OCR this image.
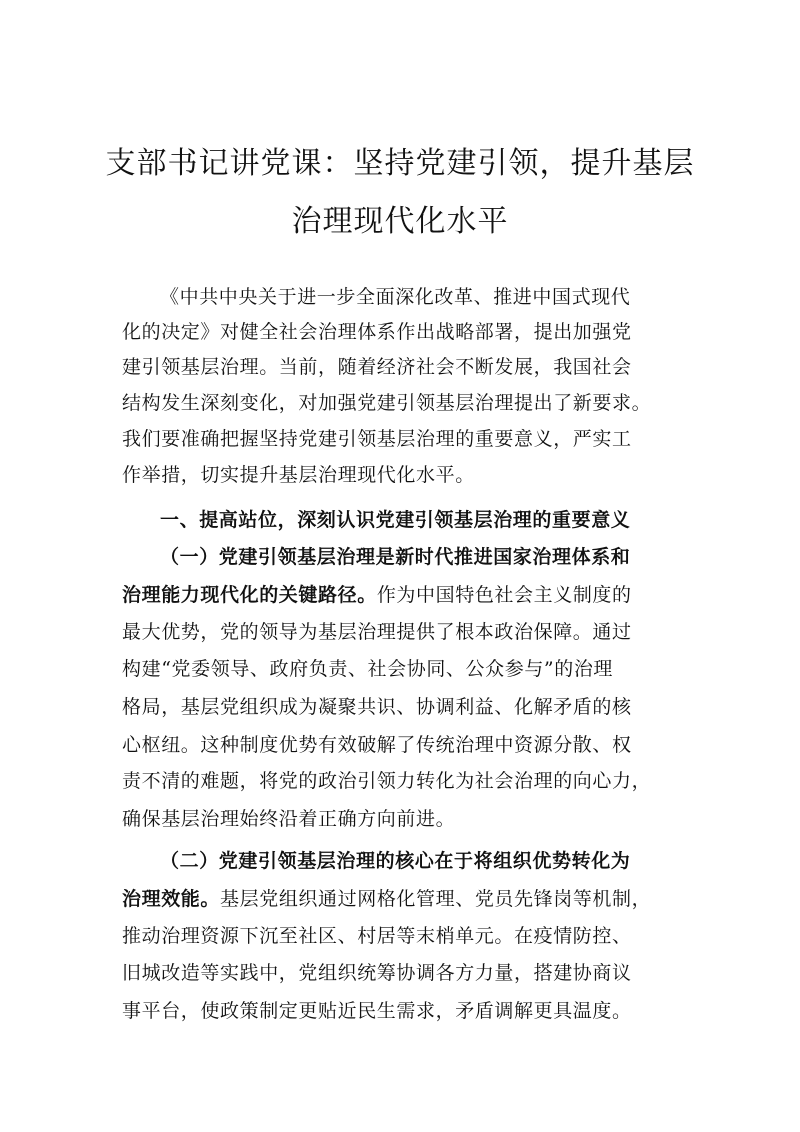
支部书记讲党课：坚持党建引领，提升基层
治理现代化水平
《中共中央关于进一步全面深化改革、推进中国式现代
化的决定》对健全社会治理体系作出战略部署，提出加强党
建引领基层治理。当前，随着经济社会不断发展，我国社会
结构发生深刻变化，对加强党建引领基层治理提出了新要求。
我们要准确把握坚持党建引领基层治理的重要意义，严实工
作举措，切实提升基层治理现代化水平。
一、提高站位，深刻认识党建引领基层治理的重要意义
（一）党建引领基层治理是新时代推进国家治理体系和
治理能力现代化的关键路径。作为中国特色社会主义制度的
最大优势，党的领导为基层治理提供了根本政治保障。通过
构建“党委领导、政府负责、社会协同、公众参与”的治理
格局，基层党组织成为凝聚共识、协调利益、化解矛盾的核
心枢纽。这种制度优势有效破解了传统治理中资源分散、权
责不清的难题，将党的政治引领力转化为社会治理的向心力，
确保基层治理始终沿着正确方向前进。
（二）党建引领基层治理的核心在于将组织优势转化为
治理效能。基层党组织通过网格化管理、党员先锋岗等机制，
推动治理资源下沉至社区、村居等末梢单元。在疫情防控、
旧城改造等实践中，党组织统筹协调各方力量，搭建协商议
事平台，使政策制定更贴近民生需求，矛盾调解更具温度。
